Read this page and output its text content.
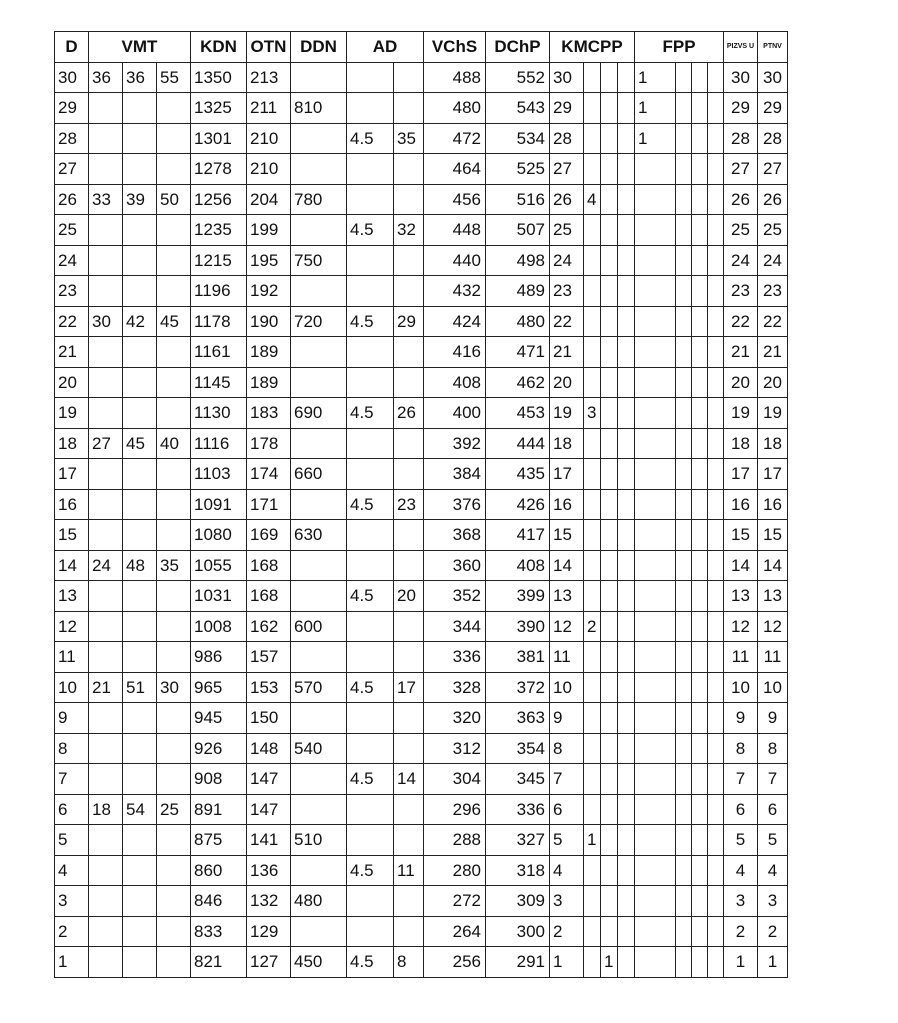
D	VMT			KDN	OTN	DDN	AD		VChS	DChP	KMCPP				FPP				PIZVS U	PTNV
30	36	36	55	1350	213				488	552	30				1				30	30
29				1325	211	810			480	543	29				1				29	29
28				1301	210		4.5	35	472	534	28				1				28	28
27				1278	210				464	525	27								27	27
26	33	39	50	1256	204	780			456	516	26	4							26	26
25				1235	199		4.5	32	448	507	25								25	25
24				1215	195	750			440	498	24								24	24
23				1196	192				432	489	23								23	23
22	30	42	45	1178	190	720	4.5	29	424	480	22								22	22
21				1161	189				416	471	21								21	21
20				1145	189				408	462	20								20	20
19				1130	183	690	4.5	26	400	453	19	3							19	19
18	27	45	40	1116	178				392	444	18								18	18
17				1103	174	660			384	435	17								17	17
16				1091	171		4.5	23	376	426	16								16	16
15				1080	169	630			368	417	15								15	15
14	24	48	35	1055	168				360	408	14								14	14
13				1031	168		4.5	20	352	399	13								13	13
12				1008	162	600			344	390	12	2							12	12
11				986	157				336	381	11								11	11
10	21	51	30	965	153	570	4.5	17	328	372	10								10	10
9				945	150				320	363	9								9	9
8				926	148	540			312	354	8								8	8
7				908	147		4.5	14	304	345	7								7	7
6	18	54	25	891	147				296	336	6								6	6
5				875	141	510			288	327	5	1							5	5
4				860	136		4.5	11	280	318	4								4	4
3				846	132	480			272	309	3								3	3
2				833	129				264	300	2								2	2
1				821	127	450	4.5	8	256	291	1		1						1	1
